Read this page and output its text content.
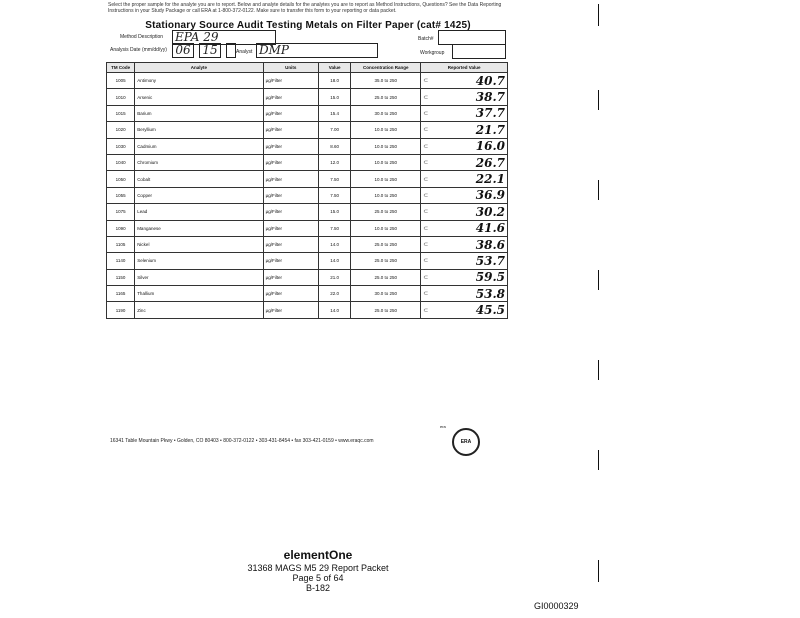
Select the proper sample for the analyte you are to report. Below and analyte details for the analytes you are to report as Method Instructions, Questions? See the Data Reporting Instructions in your Study Package or call ERA at 1-800-372-0122. Make sure to transfer this form to your reporting or data packet.
Stationary Source Audit Testing Metals on Filter Paper (cat# 1425)
Method Description EPA 29	Batch#
Analysis Date (mm/dd/yy) 06 15	Analyst DMP	Workgroup
TM Code	Analyte	Units	Value	Concentration Range	Reported Value
1005	Antimony	µg/Filter	18.0	35.0 to 250	⊂ 40.7

1010	Arsenic	µg/Filter	15.0	25.0 to 250	⊂ 38.7

1015	Barium	µg/Filter	15.4	30.0 to 250	⊂ 37.7

1020	Beryllium	µg/Filter	7.00	10.0 to 250	⊂ 21.7

1030	Cadmium	µg/Filter	8.60	10.0 to 250	⊂ 16.0

1040	Chromium	µg/Filter	12.0	10.0 to 250	⊂ 26.7

1050	Cobalt	µg/Filter	7.50	10.0 to 250	⊂ 22.1

1055	Copper	µg/Filter	7.50	10.0 to 250	⊂ 36.9

1075	Lead	µg/Filter	15.0	25.0 to 250	⊂ 30.2

1090	Manganese	µg/Filter	7.50	10.0 to 250	⊂ 41.6

1105	Nickel	µg/Filter	14.0	25.0 to 250	⊂ 38.6

1140	Selenium	µg/Filter	14.0	25.0 to 250	⊂ 53.7

1150	Silver	µg/Filter	21.0	25.0 to 250	⊂ 59.5

1165	Thallium	µg/Filter	22.0	30.0 to 250	⊂ 53.8

1190	Zinc	µg/Filter	14.0	25.0 to 250	⊂ 45.5
era
16341 Table Mountain Pkwy • Golden, CO 80403 • 800-372-0122 • 303-431-8454 • fax 303-421-0159 • www.eraqc.com	ERA
elementOne
31368 MAGS M5 29 Report Packet
Page 5 of 64
B-182
GI0000329
